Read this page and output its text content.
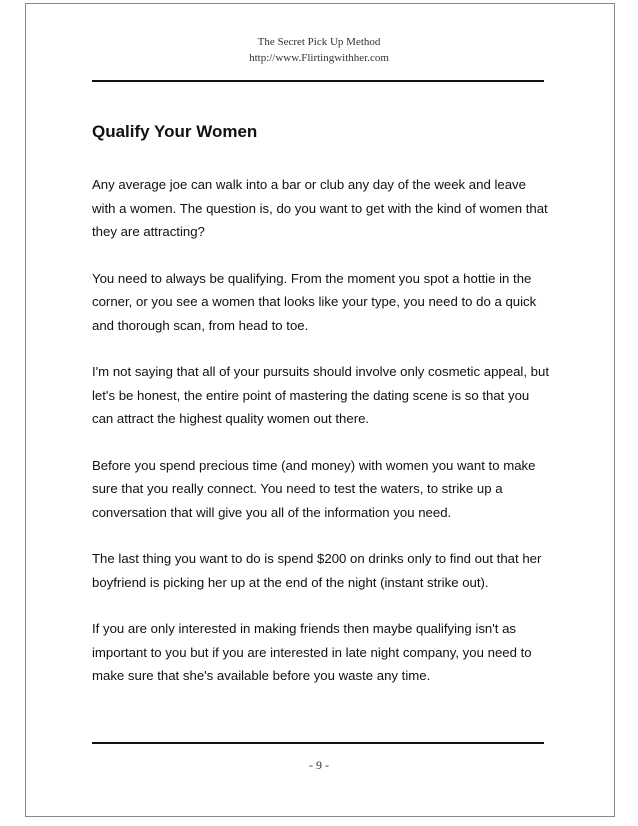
The Secret Pick Up Method
http://www.Flirtingwithher.com
Qualify Your Women

Any average joe can walk into a bar or club any day of the week and leave with a women. The question is, do you want to get with the kind of women that they are attracting?

You need to always be qualifying. From the moment you spot a hottie in the corner, or you see a women that looks like your type, you need to do a quick and thorough scan, from head to toe.

I'm not saying that all of your pursuits should involve only cosmetic appeal, but let's be honest, the entire point of mastering the dating scene is so that you can attract the highest quality women out there.

Before you spend precious time (and money) with women you want to make sure that you really connect. You need to test the waters, to strike up a conversation that will give you all of the information you need.

The last thing you want to do is spend $200 on drinks only to find out that her boyfriend is picking her up at the end of the night (instant strike out).

If you are only interested in making friends then maybe qualifying isn't as important to you but if you are interested in late night company, you need to make sure that she's available before you waste any time.

- 9 -
